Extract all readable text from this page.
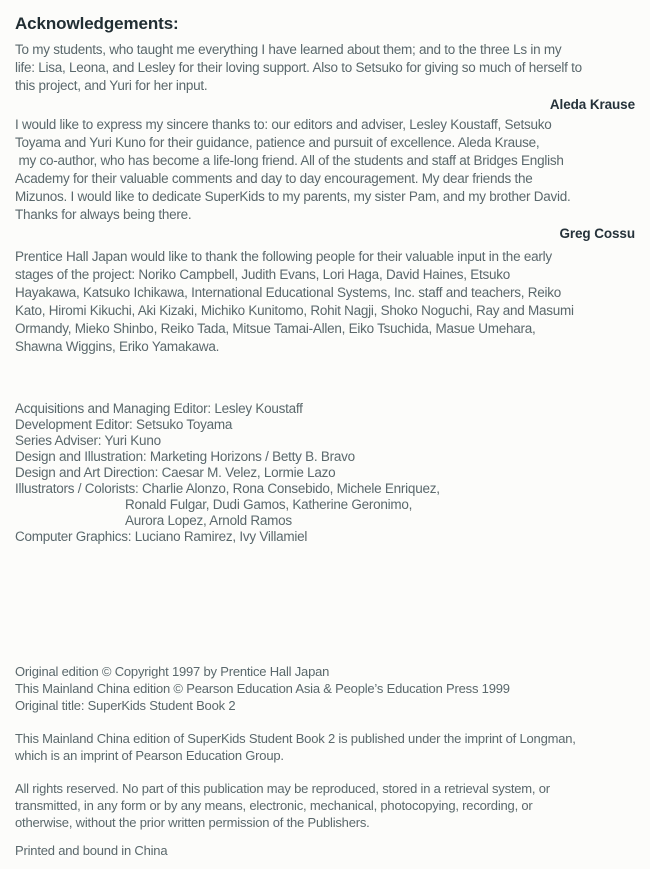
Acknowledgements:
To my students, who taught me everything I have learned about them; and to the three Ls in my
life: Lisa, Leona, and Lesley for their loving support. Also to Setsuko for giving so much of herself to
this project, and Yuri for her input.
Aleda Krause
I would like to express my sincere thanks to: our editors and adviser, Lesley Koustaff, Setsuko
Toyama and Yuri Kuno for their guidance, patience and pursuit of excellence. Aleda Krause,
my co-author, who has become a life-long friend. All of the students and staff at Bridges English
Academy for their valuable comments and day to day encouragement. My dear friends the
Mizunos. I would like to dedicate SuperKids to my parents, my sister Pam, and my brother David.
Thanks for always being there.
Greg Cossu
Prentice Hall Japan would like to thank the following people for their valuable input in the early
stages of the project: Noriko Campbell, Judith Evans, Lori Haga, David Haines, Etsuko
Hayakawa, Katsuko Ichikawa, International Educational Systems, Inc. staff and teachers, Reiko
Kato, Hiromi Kikuchi, Aki Kizaki, Michiko Kunitomo, Rohit Nagji, Shoko Noguchi, Ray and Masumi
Ormandy, Mieko Shinbo, Reiko Tada, Mitsue Tamai-Allen, Eiko Tsuchida, Masue Umehara,
Shawna Wiggins, Eriko Yamakawa.
Acquisitions and Managing Editor: Lesley Koustaff
Development Editor: Setsuko Toyama
Series Adviser: Yuri Kuno
Design and Illustration: Marketing Horizons / Betty B. Bravo
Design and Art Direction: Caesar M. Velez, Lormie Lazo
Illustrators / Colorists: Charlie Alonzo, Rona Consebido, Michele Enriquez,
Ronald Fulgar, Dudi Gamos, Katherine Geronimo,
Aurora Lopez, Arnold Ramos
Computer Graphics: Luciano Ramirez, Ivy Villamiel
Original edition © Copyright 1997 by Prentice Hall Japan
This Mainland China edition © Pearson Education Asia & People’s Education Press 1999
Original title: SuperKids Student Book 2
This Mainland China edition of SuperKids Student Book 2 is published under the imprint of Longman,
which is an imprint of Pearson Education Group.
All rights reserved. No part of this publication may be reproduced, stored in a retrieval system, or
transmitted, in any form or by any means, electronic, mechanical, photocopying, recording, or
otherwise, without the prior written permission of the Publishers.
Printed and bound in China
